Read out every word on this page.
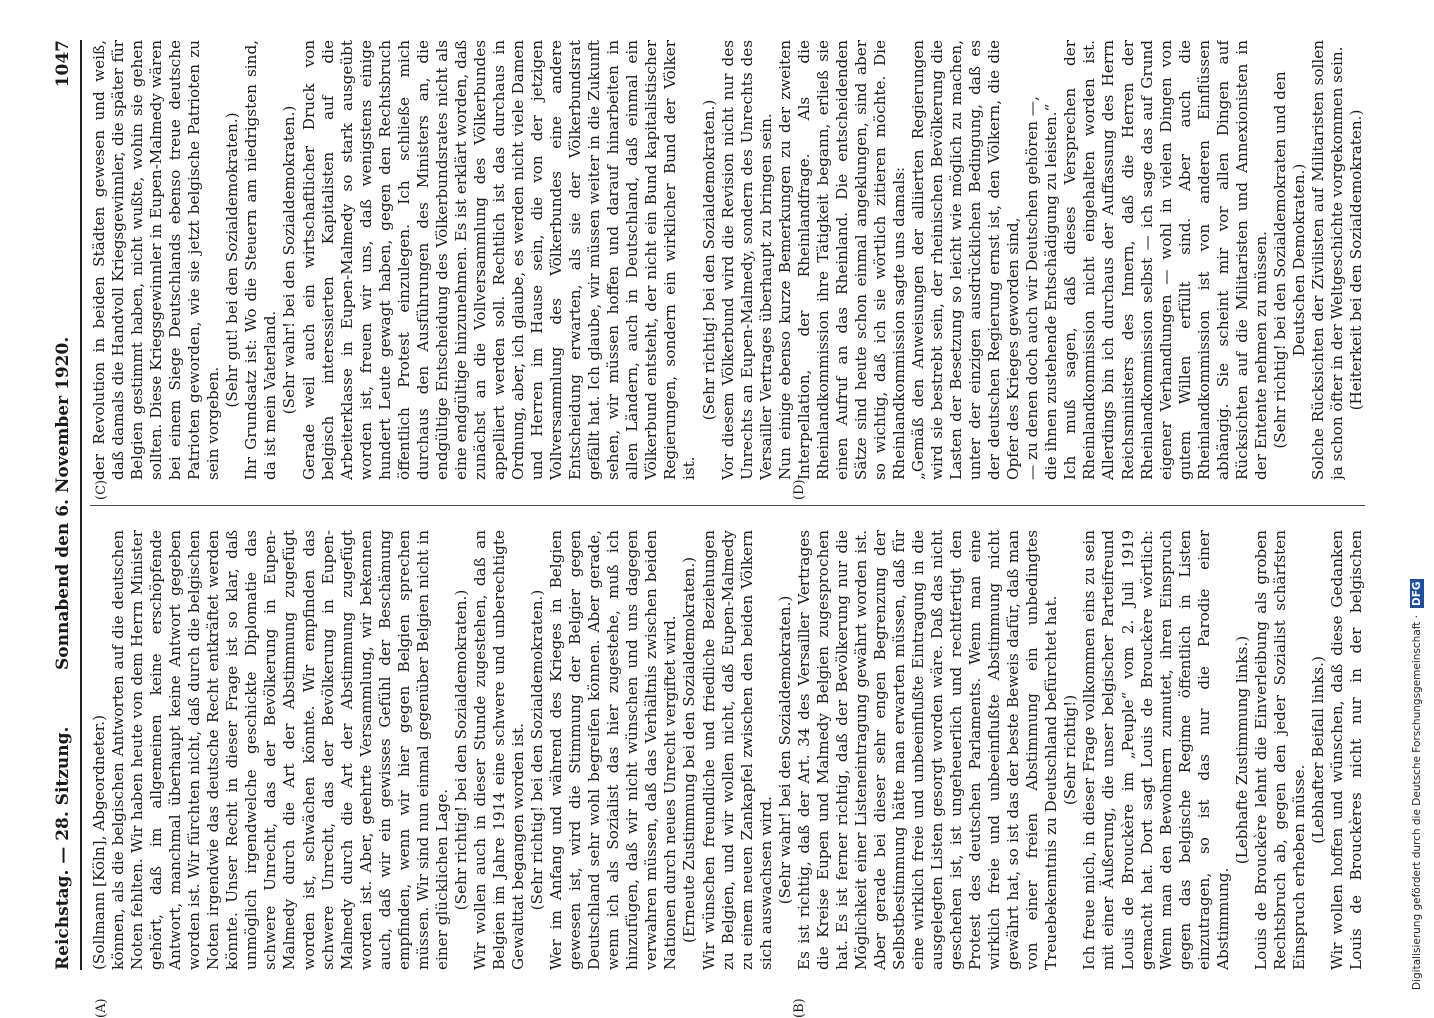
Reichstag. — 28. Sitzung.
Sonnabend den 6. November 1920.
1047
(A)	(B)
(C)	(D)

(Sollmann [Köln], Abgeordneter.) können, als die belgischen Antworten auf die deutschen Noten fehlten. Wir haben heute von dem Herrn Minister gehört, daß im allgemeinen keine erschöpfende Antwort, manchmal überhaupt keine Antwort gegeben worden ist. Wir fürchten nicht, daß durch die belgischen Noten irgendwie das deutsche Recht entkräftet werden könnte. Unser Recht in dieser Frage ist so klar, daß unmöglich irgendwelche geschickte Diplomatie das schwere Unrecht, das der Bevölkerung in Eupen-Malmedy durch die Art der Abstimmung zugefügt worden ist, schwächen könnte. Wir empfinden das schwere Unrecht, das der Bevölkerung in Eupen-Malmedy durch die Art der Abstimmung zugefügt worden ist. Aber, geehrte Versammlung, wir bekennen auch, daß wir ein gewisses Gefühl der Beschämung empfinden, wenn wir hier gegen Belgien sprechen müssen. Wir sind nun einmal gegenüber Belgien nicht in einer glücklichen Lage. (Sehr richtig! bei den Sozialdemokraten.) Wir wollen auch in dieser Stunde zugestehen, daß an Belgien im Jahre 1914 eine schwere und unberechtigte Gewalttat begangen worden ist. (Sehr richtig! bei den Sozialdemokraten.) Wer im Anfang und während des Krieges in Belgien gewesen ist, wird die Stimmung der Belgier gegen Deutschland sehr wohl begreifen können. Aber gerade, wenn ich als Sozialist das hier zugestehe, muß ich hinzufügen, daß wir nicht wünschen und uns dagegen verwahren müssen, daß das Verhältnis zwischen beiden Nationen durch neues Unrecht vergiftet wird. (Erneute Zustimmung bei den Sozialdemokraten.) Wir wünschen freundliche und friedliche Beziehungen zu Belgien, und wir wollen nicht, daß Eupen-Malmedy zu einem neuen Zankapfel zwischen den beiden Völkern sich auswachsen wird. (Sehr wahr! bei den Sozialdemokraten.) Es ist richtig, daß der Art. 34 des Versailler Vertrages die Kreise Eupen und Malmedy Belgien zugesprochen hat. Es ist ferner richtig, daß der Bevölkerung nur die Möglichkeit einer Listeneintragung gewährt worden ist. Aber gerade bei dieser sehr engen Begrenzung der Selbstbestimmung hätte man erwarten müssen, daß für eine wirklich freie und unbeeinflußte Eintragung in die ausgelegten Listen gesorgt worden wäre. Daß das nicht geschehen ist, ist ungeheuerlich und rechtfertigt den Protest des deutschen Parlaments. Wenn man eine wirklich freie und unbeeinflußte Abstimmung nicht gewährt hat, so ist das der beste Beweis dafür, daß man von einer freien Abstimmung ein unbedingtes Treuebekenntnis zu Deutschland befürchtet hat. (Sehr richtig!) Ich freue mich, in dieser Frage vollkommen eins zu sein mit einer Äußerung, die unser belgischer Parteifreund Louis de Brouckère im „Peuple“ vom 2. Juli 1919 gemacht hat. Dort sagt Louis de Brouckère wörtlich: Wenn man den Bewohnern zumutet, ihren Einspruch gegen das belgische Regime öffentlich in Listen einzutragen, so ist das nur die Parodie einer Abstimmung.

(Lebhafte Zustimmung links.) Louis de Brouckère lehnt die Einverleibung als groben Rechtsbruch ab, gegen den jeder Sozialist schärfsten Einspruch erheben müsse.

(Lebhafter Beifall links.)

Wir wollen hoffen und wünschen, daß diese Gedanken Louis de Brouckères nicht nur in der belgischen

der Revolution in beiden Städten gewesen und weiß, daß damals die Handvoll Kriegsgewinnler, die später für Belgien gestimmt haben, nicht wußte, wohin sie gehen sollten. Diese Kriegsgewinnler in Eupen-Malmedy wären bei einem Siege Deutschlands ebenso treue deutsche Patrioten geworden, wie sie jetzt belgische Patrioten zu sein vorgeben.

(Sehr gut! bei den Sozialdemokraten.) Ihr Grundsatz ist: Wo die Steuern am niedrigsten sind, da ist mein Vaterland. (Sehr wahr! bei den Sozialdemokraten.) Gerade weil auch ein wirtschaftlicher Druck von belgisch interessierten Kapitalisten auf die Arbeiterklasse in Eupen-Malmedy so stark ausgeübt worden ist, freuen wir uns, daß wenigstens einige hundert Leute gewagt haben, gegen den Rechtsbruch öffentlich Protest einzulegen. Ich schließe mich durchaus den Ausführungen des Ministers an, die endgültige Entscheidung des Völkerbundsrates nicht als eine endgültige hinzunehmen. Es ist erklärt worden, daß zunächst an die Vollversammlung des Völkerbundes appelliert werden soll. Rechtlich ist das durchaus in Ordnung, aber, ich glaube, es werden nicht viele Damen und Herren im Hause sein, die von der jetzigen Vollversammlung des Völkerbundes eine andere Entscheidung erwarten, als sie der Völkerbundsrat gefällt hat. Ich glaube, wir müssen weiter in die Zukunft sehen, wir müssen hoffen und darauf hinarbeiten in allen Ländern, auch in Deutschland, daß einmal ein Völkerbund entsteht, der nicht ein Bund kapitalistischer Regierungen, sondern ein wirklicher Bund der Völker ist.

(Sehr richtig! bei den Sozialdemokraten.) Vor diesem Völkerbund wird die Revision nicht nur des Unrechts an Eupen-Malmedy, sondern des Unrechts des Versailler Vertrages überhaupt zu bringen sein. Nun einige ebenso kurze Bemerkungen zu der zweiten Interpellation, der Rheinlandfrage. Als die Rheinlandkommission ihre Tätigkeit begann, erließ sie einen Aufruf an das Rheinland. Die entscheidenden Sätze sind heute schon einmal angeklungen, sind aber so wichtig, daß ich sie wörtlich zitieren möchte. Die Rheinlandkommission sagte uns damals: „Gemäß den Anweisungen der alliierten Regierungen wird sie bestrebt sein, der rheinischen Bevölkerung die Lasten der Besetzung so leicht wie möglich zu machen, unter der einzigen ausdrücklichen Bedingung, daß es der deutschen Regierung ernst ist, den Völkern, die die Opfer des Krieges geworden sind, — zu denen doch auch wir Deutschen gehören —, die ihnen zustehende Entschädigung zu leisten.“ Ich muß sagen, daß dieses Versprechen der Rheinlandkommission nicht eingehalten worden ist. Allerdings bin ich durchaus der Auffassung des Herrn Reichsministers des Innern, daß die Herren der Rheinlandkommission selbst — ich sage das auf Grund eigener Verhandlungen — wohl in vielen Dingen von gutem Willen erfüllt sind. Aber auch die Rheinlandkommission ist von anderen Einflüssen abhängig. Sie scheint mir vor allen Dingen auf Rücksichten auf die Militaristen und Annexionisten in der Entente nehmen zu müssen. (Sehr richtig! bei den Sozialdemokraten und den Deutschen Demokraten.) Solche Rücksichten der Zivilisten auf Militaristen sollen ja schon öfter in der Weltgeschichte vorgekommen sein. (Heiterkeit bei den Sozialdemokraten.)

Digitalisierung gefördert durch die Deutsche Forschungsgemeinschaft · DFG
